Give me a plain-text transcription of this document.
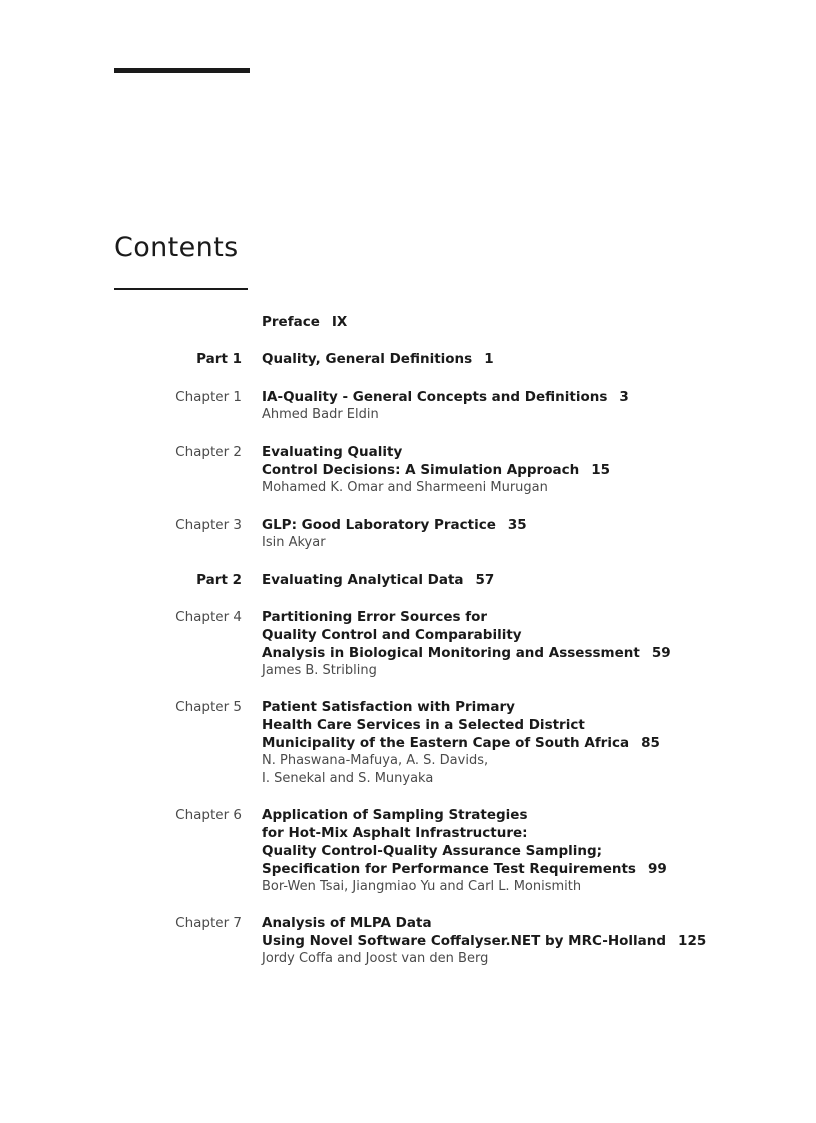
Contents
Preface IX
Part 1 Quality, General Definitions 1
Chapter 1 IA-Quality - General Concepts and Definitions 3
Ahmed Badr Eldin
Chapter 2 Evaluating Quality
Control Decisions: A Simulation Approach 15
Mohamed K. Omar and Sharmeeni Murugan
Chapter 3 GLP: Good Laboratory Practice 35
Isin Akyar
Part 2 Evaluating Analytical Data 57
Chapter 4 Partitioning Error Sources for
Quality Control and Comparability
Analysis in Biological Monitoring and Assessment 59
James B. Stribling
Chapter 5 Patient Satisfaction with Primary
Health Care Services in a Selected District
Municipality of the Eastern Cape of South Africa 85
N. Phaswana-Mafuya, A. S. Davids,
I. Senekal and S. Munyaka
Chapter 6 Application of Sampling Strategies
for Hot-Mix Asphalt Infrastructure:
Quality Control-Quality Assurance Sampling;
Specification for Performance Test Requirements 99
Bor-Wen Tsai, Jiangmiao Yu and Carl L. Monismith
Chapter 7 Analysis of MLPA Data
Using Novel Software Coffalyser.NET by MRC-Holland 125
Jordy Coffa and Joost van den Berg
